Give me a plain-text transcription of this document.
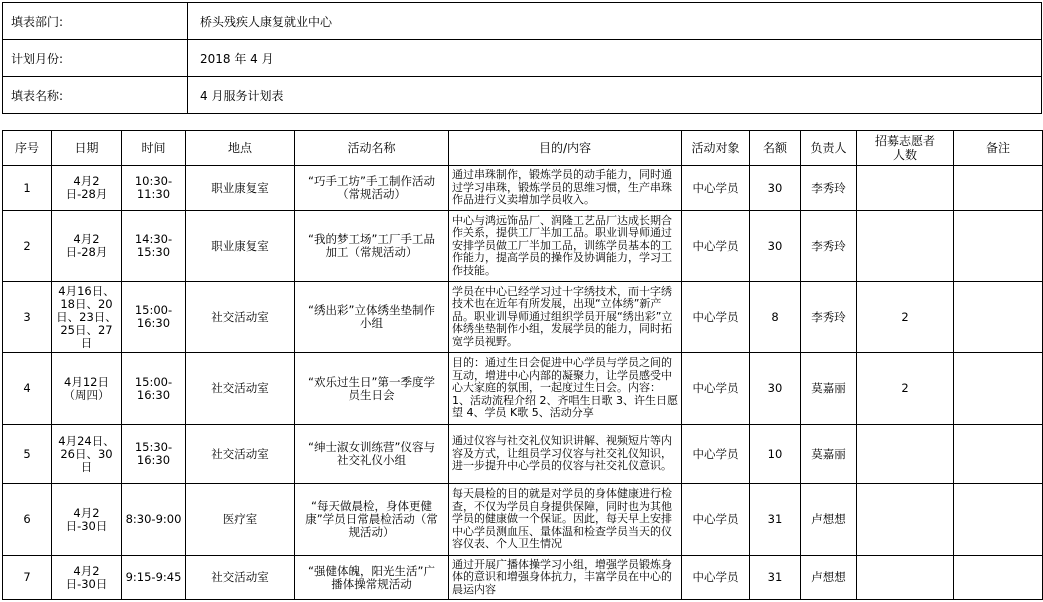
填表部门:	桥头残疾人康复就业中心
计划月份:	2018 年 4 月
填表名称:	4 月服务计划表
序号	日期	时间	地点	活动名称	目的/内容	活动对象	名额	负责人	招募志愿者人数	备注
1	4月2日-28月	10:30-11:30	职业康复室	“巧手工坊”手工制作活动（常规活动）	通过串珠制作，锻炼学员的动手能力，同时通过学习串珠，锻炼学员的思维习惯，生产串珠作品进行义卖增加学员收入。	中心学员	30	李秀玲		
2	4月2日-28月	14:30-15:30	职业康复室	“我的梦工场”工厂手工品加工（常规活动）	中心与鸿远饰品厂、润隆工艺品厂达成长期合作关系，提供工厂半加工品。职业训导师通过安排学员做工厂半加工品，训练学员基本的工作能力，提高学员的操作及协调能力，学习工作技能。	中心学员	30	李秀玲		
3	4月16日、18日、20日、23日、25日、27日	15:00-16:30	社交活动室	“绣出彩”立体绣坐垫制作小组	学员在中心已经学习过十字绣技术，而十字绣技术也在近年有所发展，出现“立体绣”新产品。职业训导师通过组织学员开展“绣出彩”立体绣坐垫制作小组，发展学员的能力，同时拓宽学员视野。	中心学员	8	李秀玲	2	
4	4月12日（周四）	15:00-16:30	社交活动室	“欢乐过生日”第一季度学员生日会	目的：通过生日会促进中心学员与学员之间的互动，增进中心内部的凝聚力，让学员感受中心大家庭的氛围，一起度过生日会。内容：1、活动流程介绍 2、齐唱生日歌 3、许生日愿望 4、学员 K歌 5、活动分享	中心学员	30	莫嘉丽	2	
5	4月24日、26日、30日	15:30-16:30	社交活动室	“绅士淑女训练营”仪容与社交礼仪小组	通过仪容与社交礼仪知识讲解、视频短片等内容及方式，让组员学习仪容与社交礼仪知识，进一步提升中心学员的仪容与社交礼仪意识。	中心学员	10	莫嘉丽		
6	4月2日-30日	8:30-9:00	医疗室	“每天做晨检，身体更健康”学员日常晨检活动（常规活动）	每天晨检的目的就是对学员的身体健康进行检查，不仅为学员自身提供保障，同时也为其他学员的健康做一个保证。因此，每天早上安排中心学员测血压、量体温和检查学员当天的仪容仪表、个人卫生情况	中心学员	31	卢想想		
7	4月2日-30日	9:15-9:45	社交活动室	“强健体魄，阳光生活”广播体操常规活动	通过开展广播体操学习小组，增强学员锻炼身体的意识和增强身体抗力，丰富学员在中心的晨运内容	中心学员	31	卢想想		
